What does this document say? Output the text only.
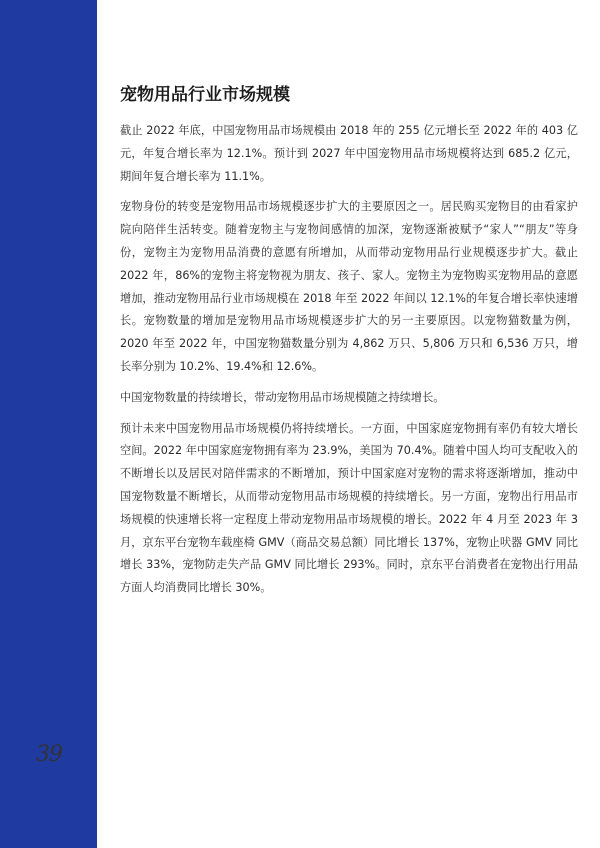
39
宠物用品行业市场规模

截止 2022 年底，中国宠物用品市场规模由 2018 年的 255 亿元增长至 2022 年的 403 亿元，年复合增长率为 12.1%。预计到 2027 年中国宠物用品市场规模将达到 685.2 亿元，期间年复合增长率为 11.1%。

宠物身份的转变是宠物用品市场规模逐步扩大的主要原因之一。居民购买宠物目的由看家护院向陪伴生活转变。随着宠物主与宠物间感情的加深，宠物逐渐被赋予“家人”“朋友”等身份，宠物主为宠物用品消费的意愿有所增加，从而带动宠物用品行业规模逐步扩大。截止 2022 年，86%的宠物主将宠物视为朋友、孩子、家人。宠物主为宠物购买宠物用品的意愿增加，推动宠物用品行业市场规模在 2018 年至 2022 年间以 12.1%的年复合增长率快速增长。宠物数量的增加是宠物用品市场规模逐步扩大的另一主要原因。以宠物猫数量为例，2020 年至 2022 年，中国宠物猫数量分别为 4,862 万只、5,806 万只和 6,536 万只，增长率分别为 10.2%、19.4%和 12.6%。

中国宠物数量的持续增长，带动宠物用品市场规模随之持续增长。

预计未来中国宠物用品市场规模仍将持续增长。一方面，中国家庭宠物拥有率仍有较大增长空间。2022 年中国家庭宠物拥有率为 23.9%，美国为 70.4%。随着中国人均可支配收入的不断增长以及居民对陪伴需求的不断增加，预计中国家庭对宠物的需求将逐渐增加，推动中国宠物数量不断增长，从而带动宠物用品市场规模的持续增长。另一方面，宠物出行用品市场规模的快速增长将一定程度上带动宠物用品市场规模的增长。2022 年 4 月至 2023 年 3 月，京东平台宠物车载座椅 GMV（商品交易总额）同比增长 137%，宠物止吠器 GMV 同比增长 33%，宠物防走失产品 GMV 同比增长 293%。同时，京东平台消费者在宠物出行用品方面人均消费同比增长 30%。
